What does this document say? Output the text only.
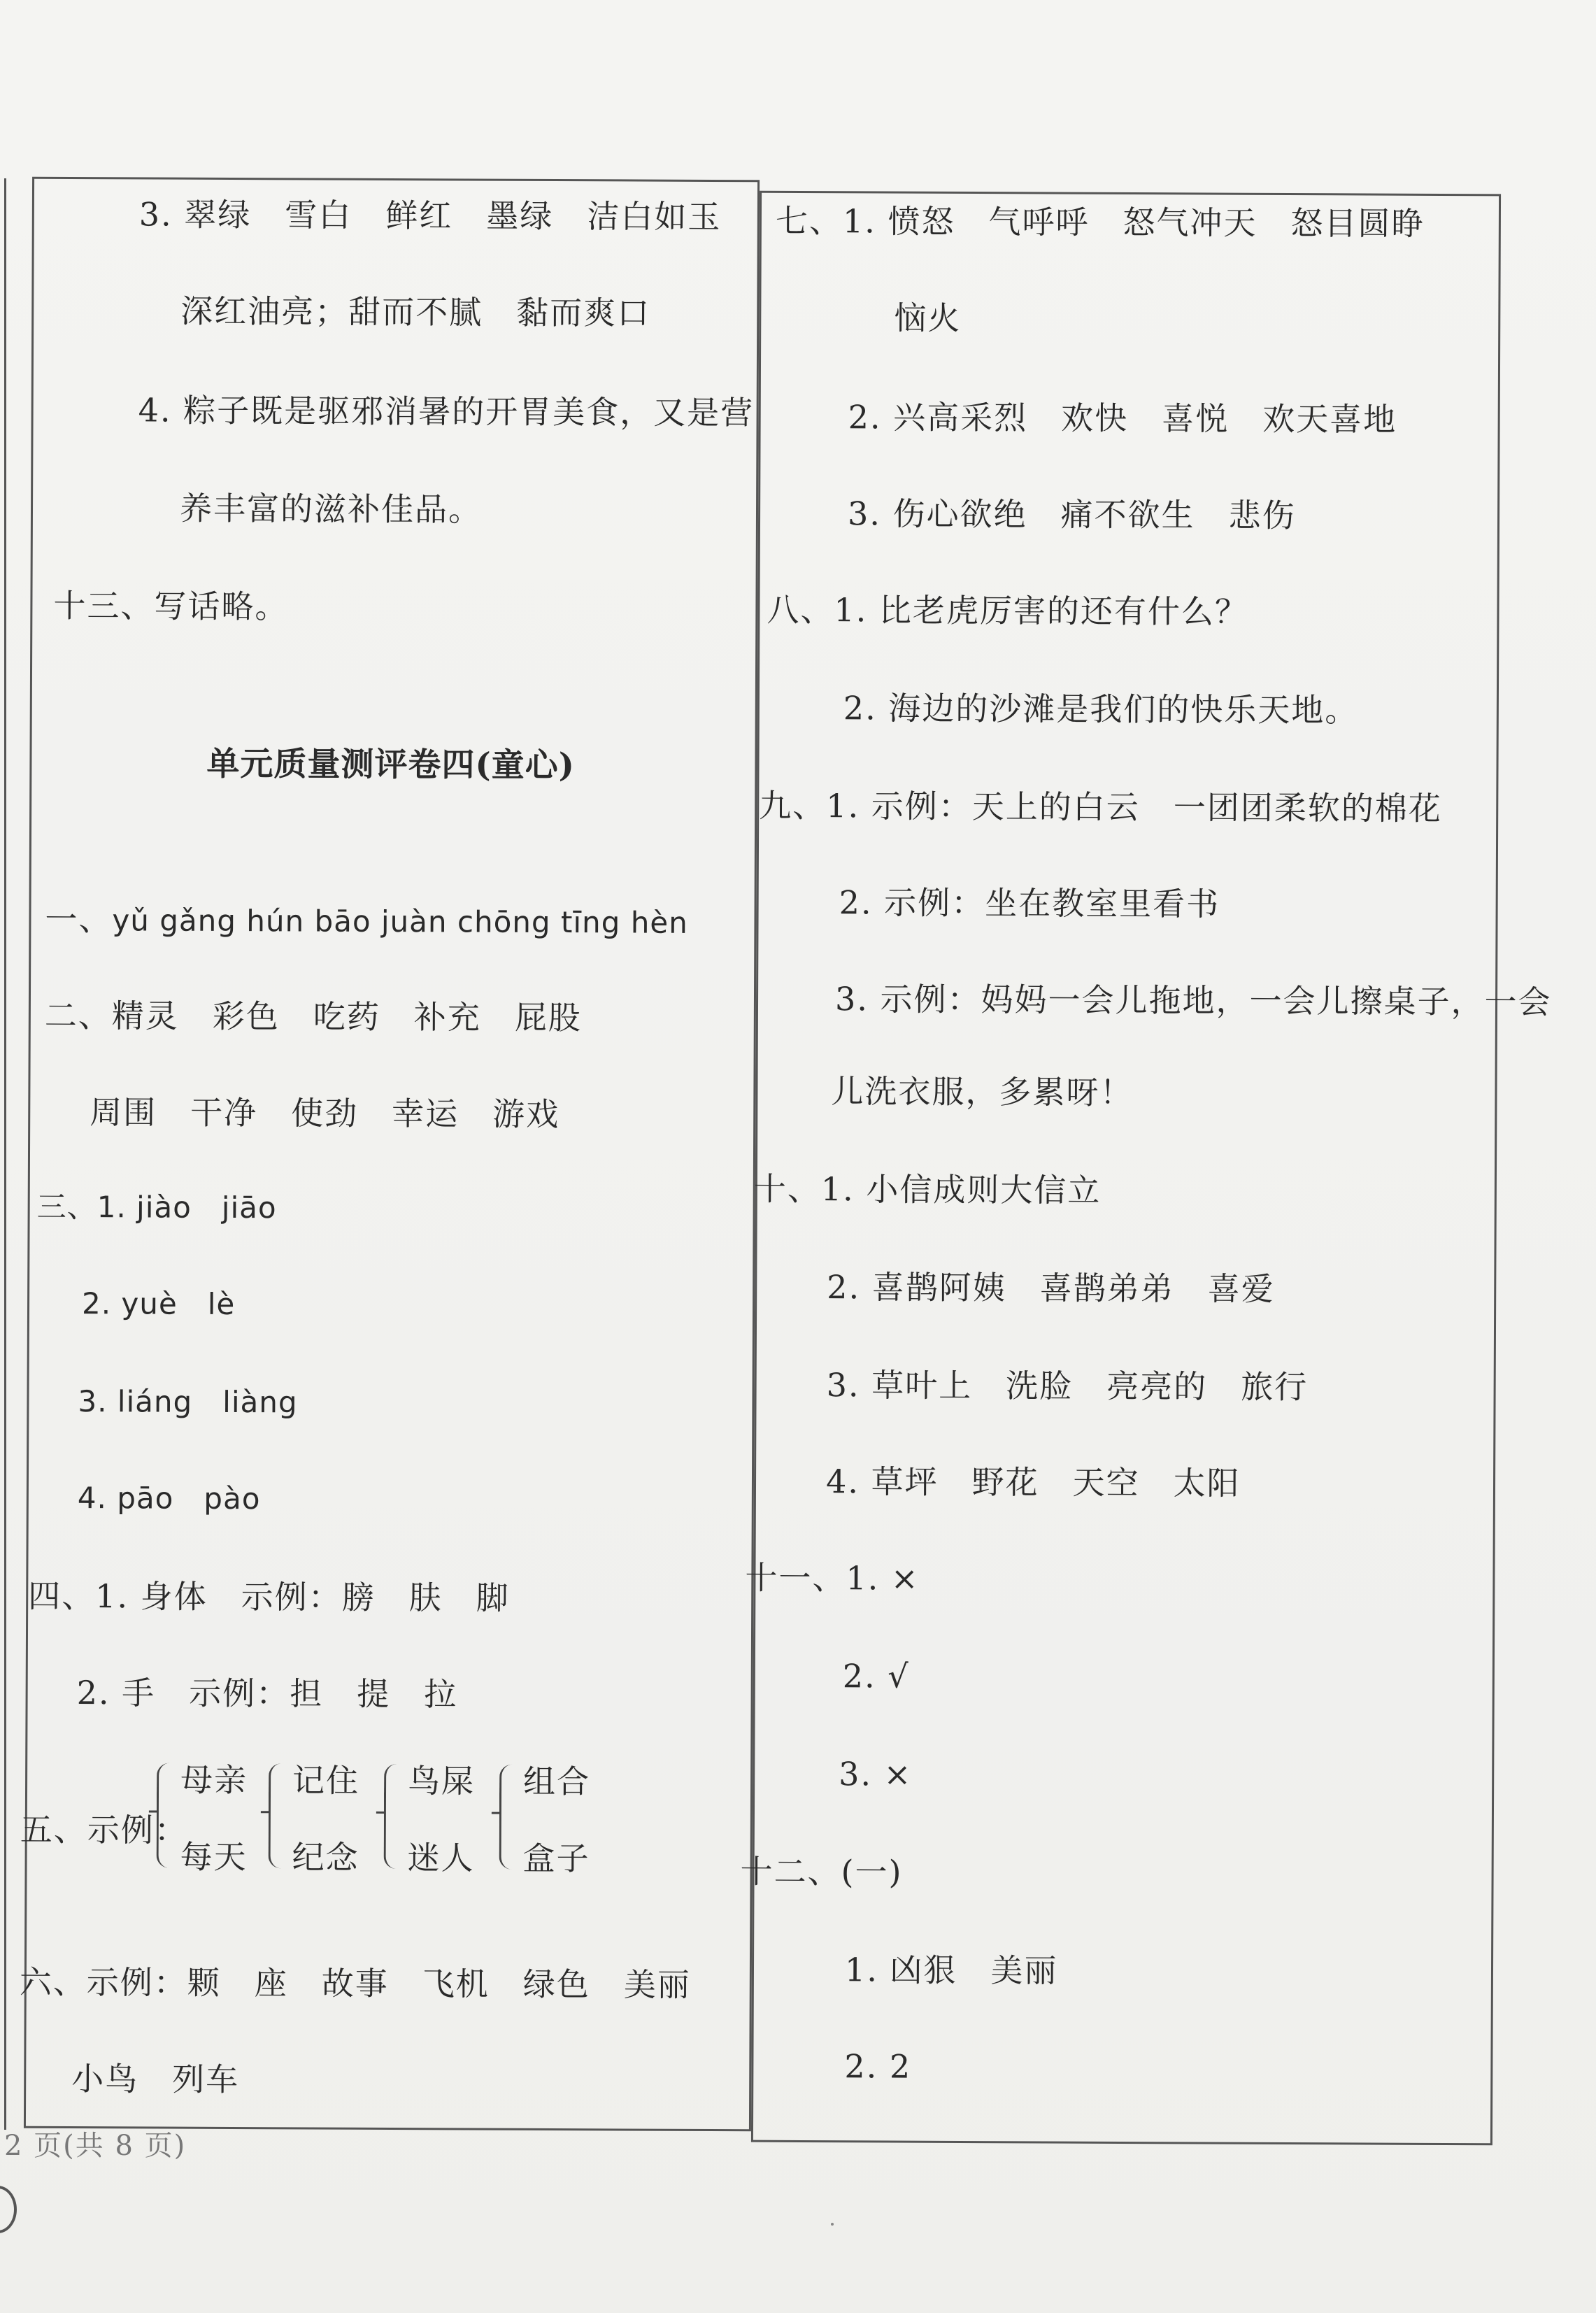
3. 翠绿　雪白　鲜红　墨绿　洁白如玉
深红油亮；甜而不腻　黏而爽口
4. 粽子既是驱邪消暑的开胃美食，又是营
养丰富的滋补佳品。
十三、写话略。
单元质量测评卷四(童心)
一、yǔ gǎng hún bāo juàn chōng tīng hèn
二、精灵　彩色　吃药　补充　屁股
周围　干净　使劲　幸运　游戏
三、1. jiào　jiāo
2. yuè　lè
3. liáng　liàng
4. pāo　pào
四、1. 身体　示例：膀　肤　脚
2. 手　示例：担　提　拉
五、示例：
母亲
每天
记住
纪念
鸟屎
迷人
组合
盒子
六、示例：颗　座　故事　飞机　绿色　美丽
小鸟　列车
七、1. 愤怒　气呼呼　怒气冲天　怒目圆睁
恼火
2. 兴高采烈　欢快　喜悦　欢天喜地
3. 伤心欲绝　痛不欲生　悲伤
八、1. 比老虎厉害的还有什么？
2. 海边的沙滩是我们的快乐天地。
九、1. 示例：天上的白云　一团团柔软的棉花
2. 示例：坐在教室里看书
3. 示例：妈妈一会儿拖地，一会儿擦桌子，一会
儿洗衣服，多累呀！
十、1. 小信成则大信立
2. 喜鹊阿姨　喜鹊弟弟　喜爱
3. 草叶上　洗脸　亮亮的　旅行
4. 草坪　野花　天空　太阳
十一、1. ×
2. √
3. ×
十二、(一)
1. 凶狠　美丽
2. 2
2 页(共 8 页)
